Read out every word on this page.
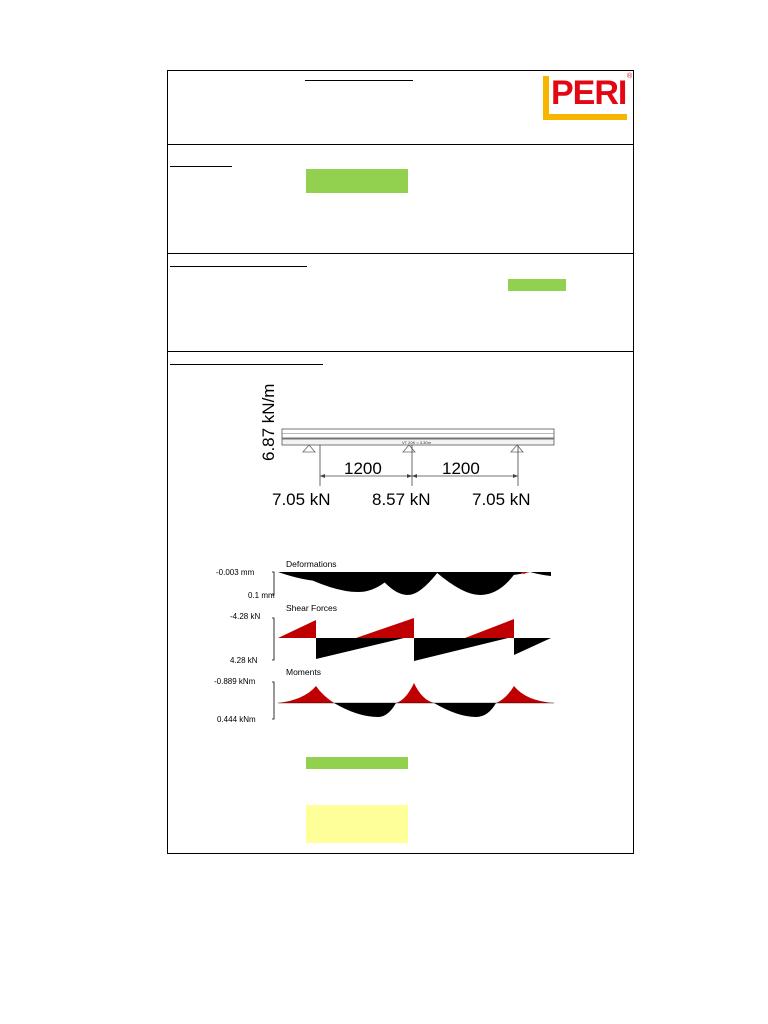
PERI ®
6.87 kN/m	VT 20K = 3.30m
1200	1200
7.05 kN 8.57 kN 7.05 kN
Deformations
-0.003 mm
0.1 mm
Shear Forces
-4.28 kN
4.28 kN
Moments
-0.889 kNm
0.444 kNm
